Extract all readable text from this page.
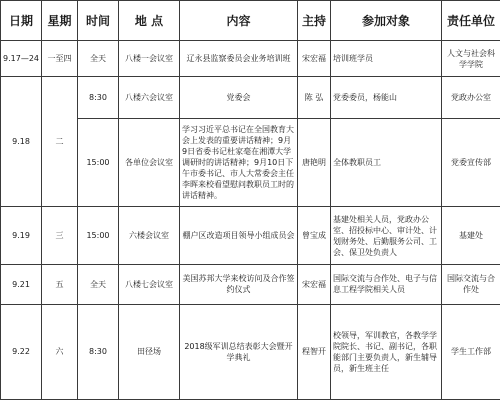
日期	星期	时间	地 点	内容	主持	参加对象	责任单位
9.17—24	一至四	全天	八楼一会议室	辽永县监察委员会业务培训班	宋宏福	培训班学员	人文与社会科学学院
9.18	二	8:30	八楼六会议室	党委会	陈 弘	党委委员，杨能山	党政办公室
		15:00	各单位会议室	学习习近平总书记在全国教育大会上发表的重要讲话精神；9月9日省委书记杜家毫在湘潭大学调研时的讲话精神；9月10日下午市委书记、市人大常委会主任李晖来校看望慰问教职员工时的讲话精神。	唐艳明	全体教职员工	党委宣传部
9.19	三	15:00	六楼会议室	棚户区改造项目领导小组成员会	曾宝成	基建处相关人员，党政办公室、招投标中心、审计处、计划财务处、后勤服务公司、工会、保卫处负责人	基建处
9.21	五	全天	八楼七会议室	美国苏邦大学来校访问及合作签约仪式	宋宏福	国际交流与合作处、电子与信息工程学院相关人员	国际交流与合作处
9.22	六	8:30	田径场	2018级军训总结表彰大会暨开学典礼	程智开	校领导，军训教官，各教学学院院长、书记、副书记，各职能部门主要负责人，新生辅导员，新生班主任	学生工作部
